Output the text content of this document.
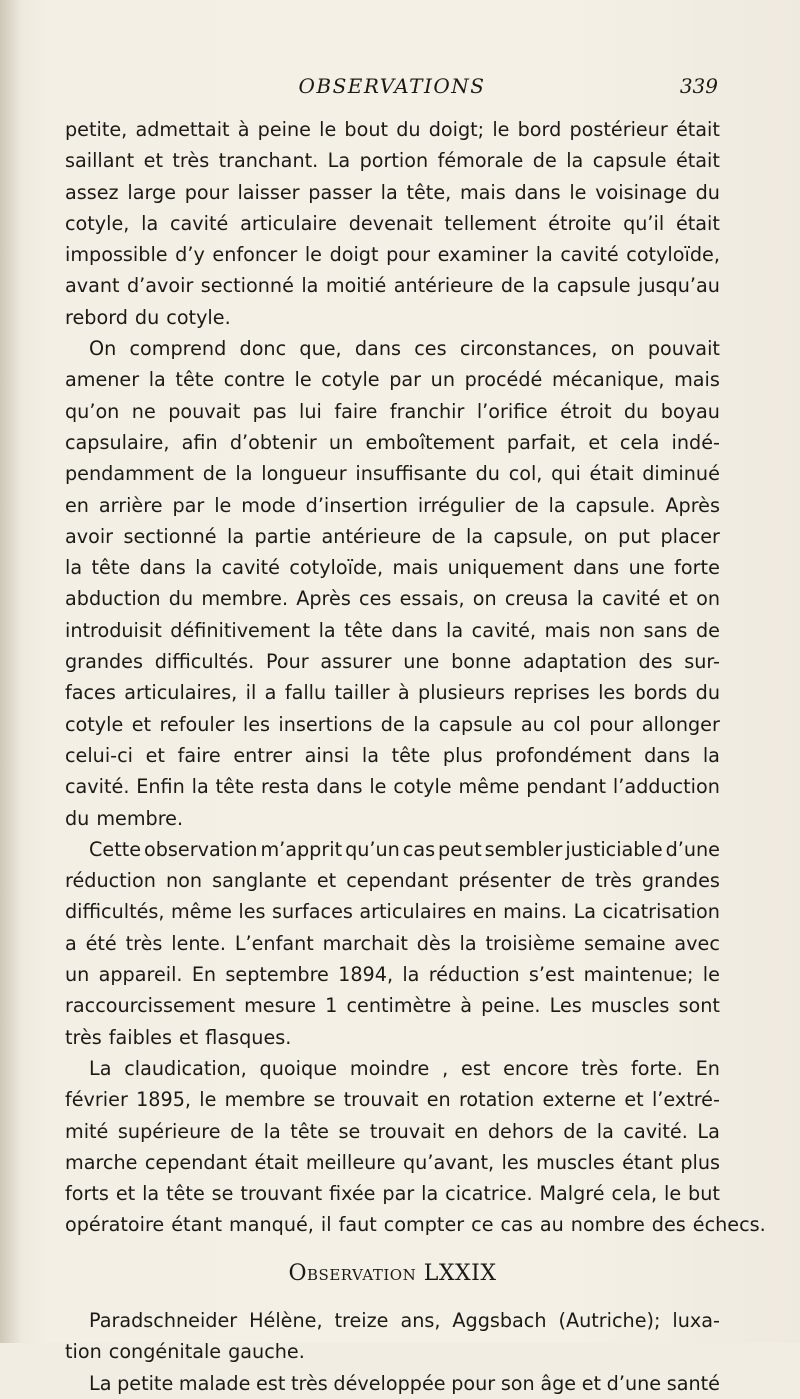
OBSERVATIONS	339
petite, admettait à peine le bout du doigt; le bord postérieur était
saillant et très tranchant. La portion fémorale de la capsule était
assez large pour laisser passer la tête, mais dans le voisinage du
cotyle, la cavité articulaire devenait tellement étroite qu’il était
impossible d’y enfoncer le doigt pour examiner la cavité cotyloïde,
avant d’avoir sectionné la moitié antérieure de la capsule jusqu’au
rebord du cotyle.
On comprend donc que, dans ces circonstances, on pouvait
amener la tête contre le cotyle par un procédé mécanique, mais
qu’on ne pouvait pas lui faire franchir l’orifice étroit du boyau
capsulaire, afin d’obtenir un emboîtement parfait, et cela indé-
pendamment de la longueur insuffisante du col, qui était diminué
en arrière par le mode d’insertion irrégulier de la capsule. Après
avoir sectionné la partie antérieure de la capsule, on put placer
la tête dans la cavité cotyloïde, mais uniquement dans une forte
abduction du membre. Après ces essais, on creusa la cavité et on
introduisit définitivement la tête dans la cavité, mais non sans de
grandes difficultés. Pour assurer une bonne adaptation des sur-
faces articulaires, il a fallu tailler à plusieurs reprises les bords du
cotyle et refouler les insertions de la capsule au col pour allonger
celui-ci et faire entrer ainsi la tête plus profondément dans la
cavité. Enfin la tête resta dans le cotyle même pendant l’adduction
du membre.
Cette observation m’apprit qu’un cas peut sembler justiciable d’une
réduction non sanglante et cependant présenter de très grandes
difficultés, même les surfaces articulaires en mains. La cicatrisation
a été très lente. L’enfant marchait dès la troisième semaine avec
un appareil. En septembre 1894, la réduction s’est maintenue; le
raccourcissement mesure 1 centimètre à peine. Les muscles sont
très faibles et flasques.
La claudication, quoique moindre , est encore très forte. En
février 1895, le membre se trouvait en rotation externe et l’extré-
mité supérieure de la tête se trouvait en dehors de la cavité. La
marche cependant était meilleure qu’avant, les muscles étant plus
forts et la tête se trouvant fixée par la cicatrice. Malgré cela, le but
opératoire étant manqué, il faut compter ce cas au nombre des échecs.
Observation LXXIX
Paradschneider Hélène, treize ans, Aggsbach (Autriche); luxa-
tion congénitale gauche.
La petite malade est très développée pour son âge et d’une santé
